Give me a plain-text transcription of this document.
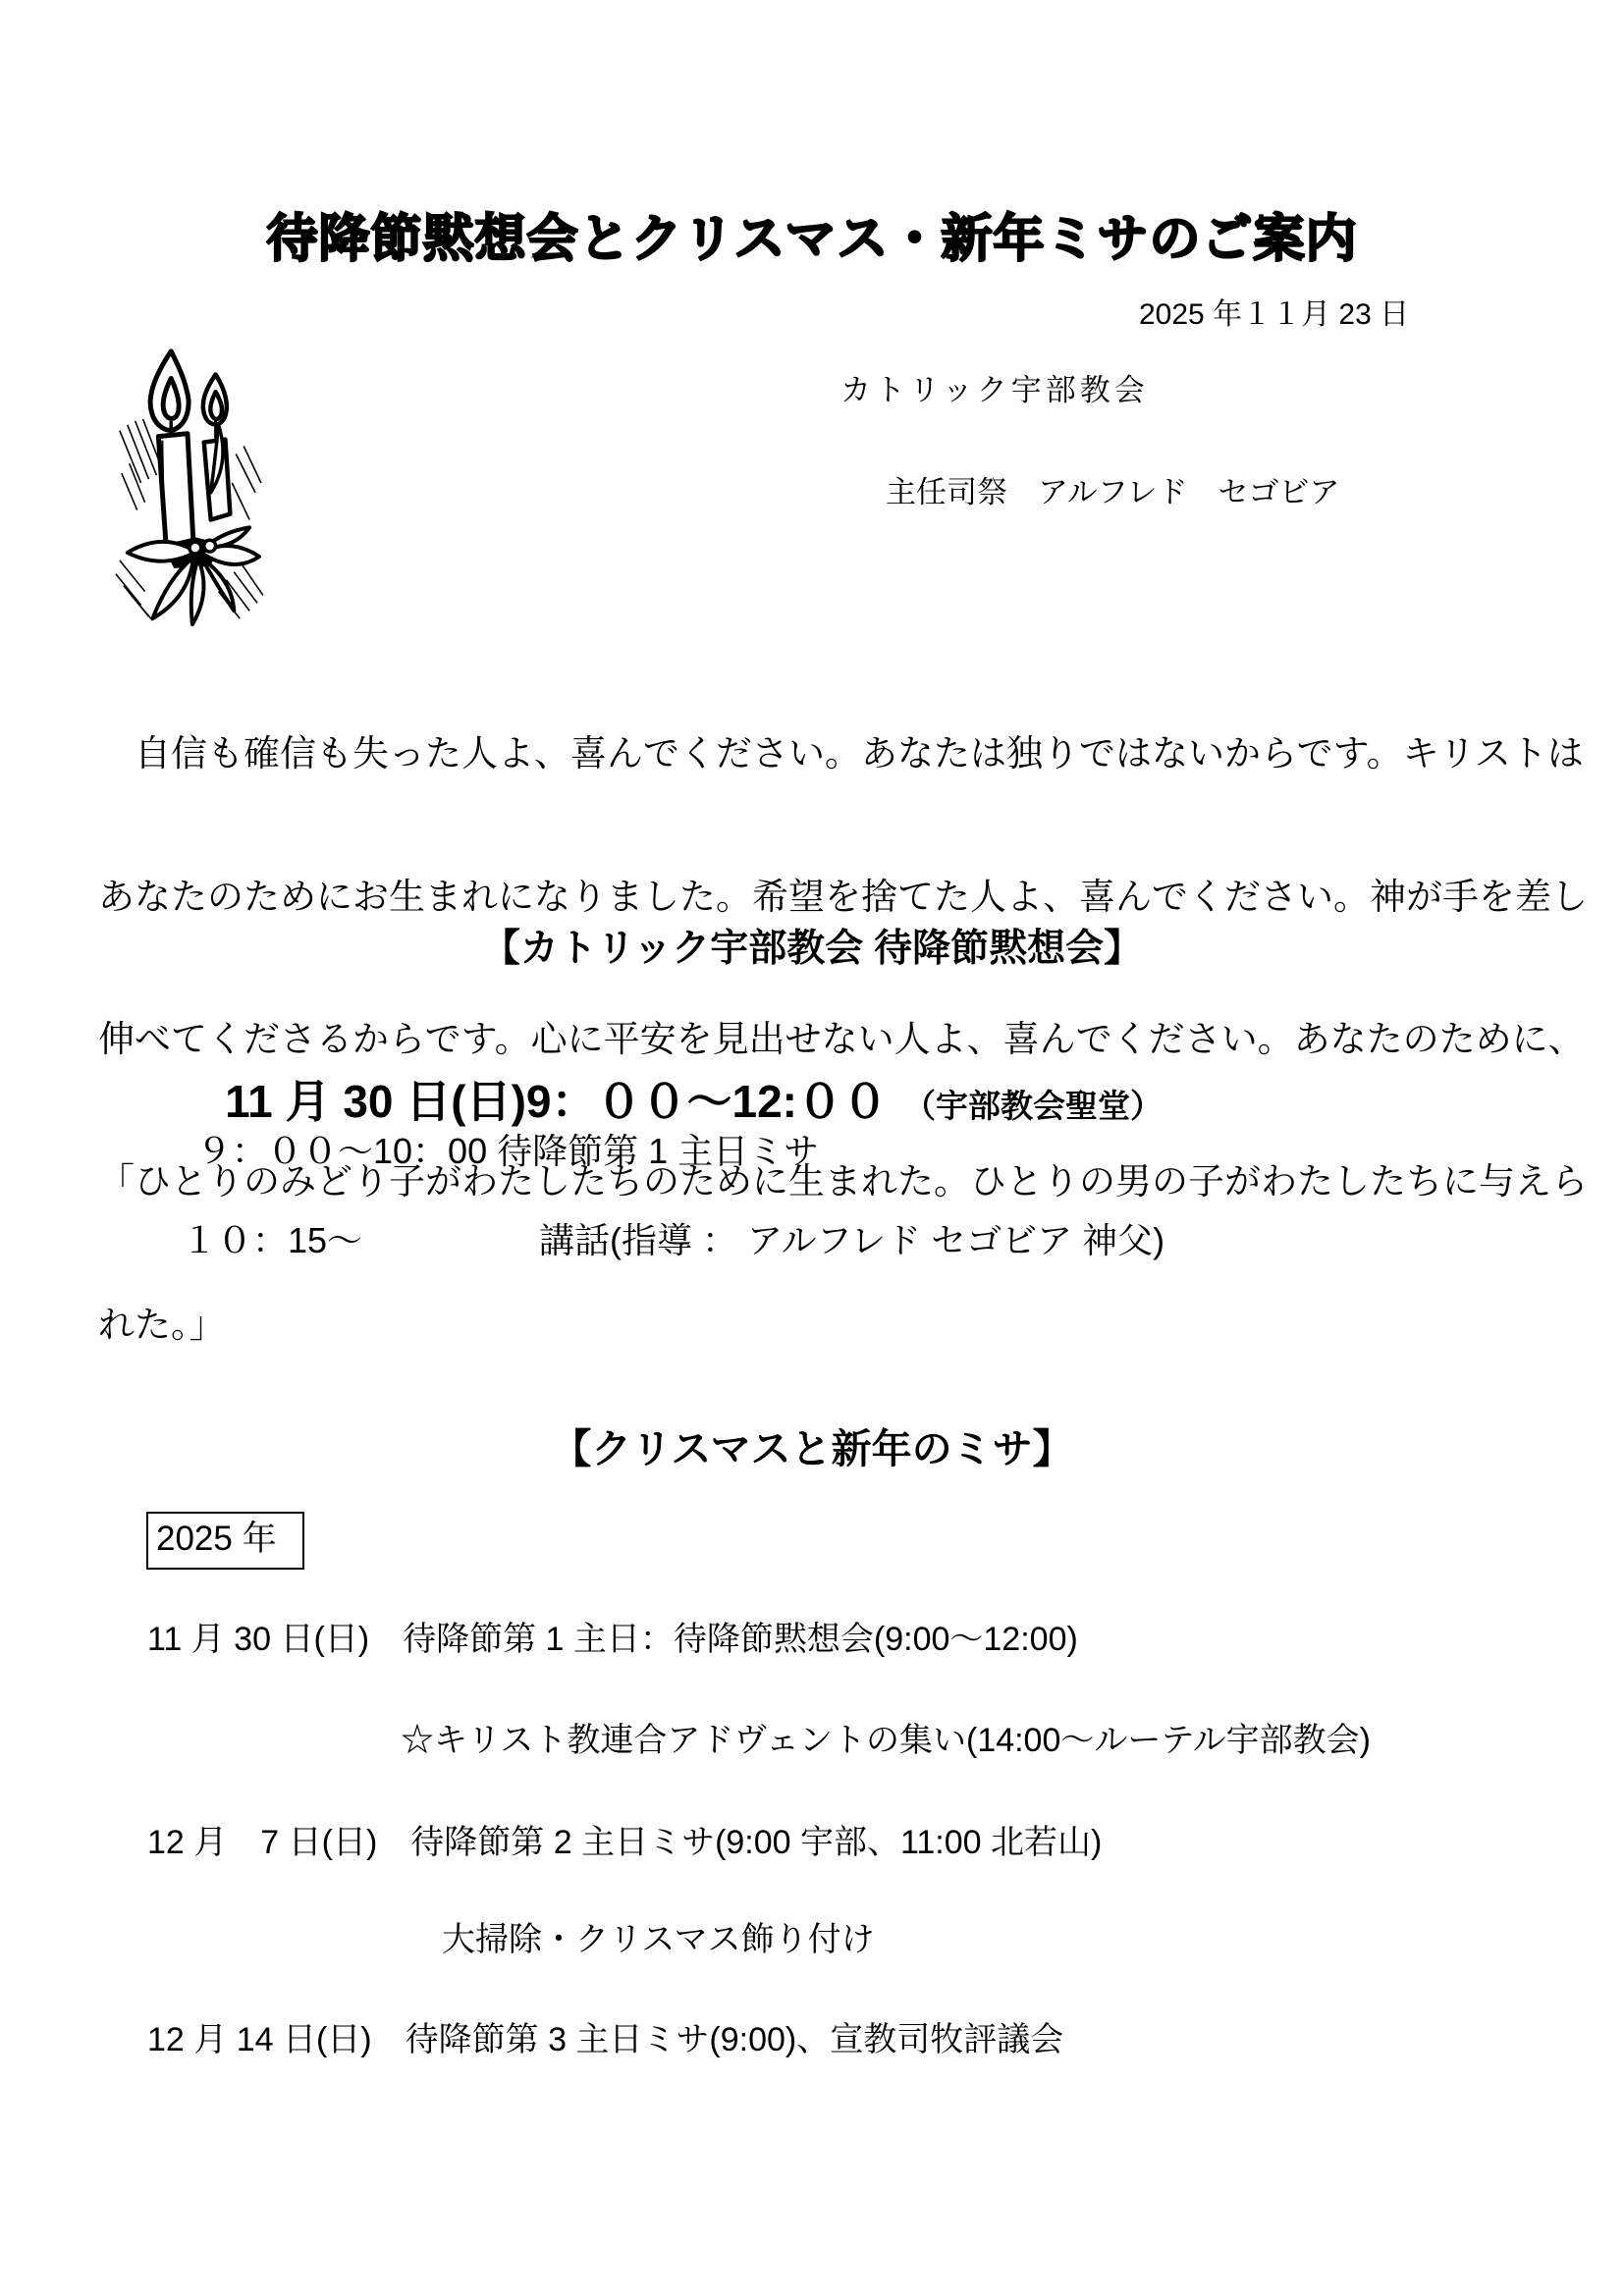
待降節黙想会とクリスマス・新年ミサのご案内
2025 年１１月 23 日
カトリック宇部教会
主任司祭　アルフレド　セゴビア

　自信も確信も失った人よ、喜んでください。あなたは独りではないからです。キリストは

あなたのためにお生まれになりました。希望を捨てた人よ、喜んでください。神が手を差し

伸べてくださるからです。心に平安を見出せない人よ、喜んでください。あなたのために、

「ひとりのみどり子がわたしたちのために生まれた。ひとりの男の子がわたしたちに与えら

れた。」

【カトリック宇部教会 待降節黙想会】

11 月 30 日(日)9：００～12:００ （宇部教会聖堂）

９：００～10：00 待降節第 1 主日ミサ
１０：15～　　　　　講話(指導 ： アルフレド セゴビア 神父)
【クリスマスと新年のミサ】
2025 年
11 月 30 日(日)　待降節第 1 主日：待降節黙想会(9:00～12:00)
☆キリスト教連合アドヴェントの集い(14:00～ルーテル宇部教会)
12 月　7 日(日)　待降節第 2 主日ミサ(9:00 宇部、11:00 北若山)
大掃除・クリスマス飾り付け
12 月 14 日(日)　待降節第 3 主日ミサ(9:00)、宣教司牧評議会
